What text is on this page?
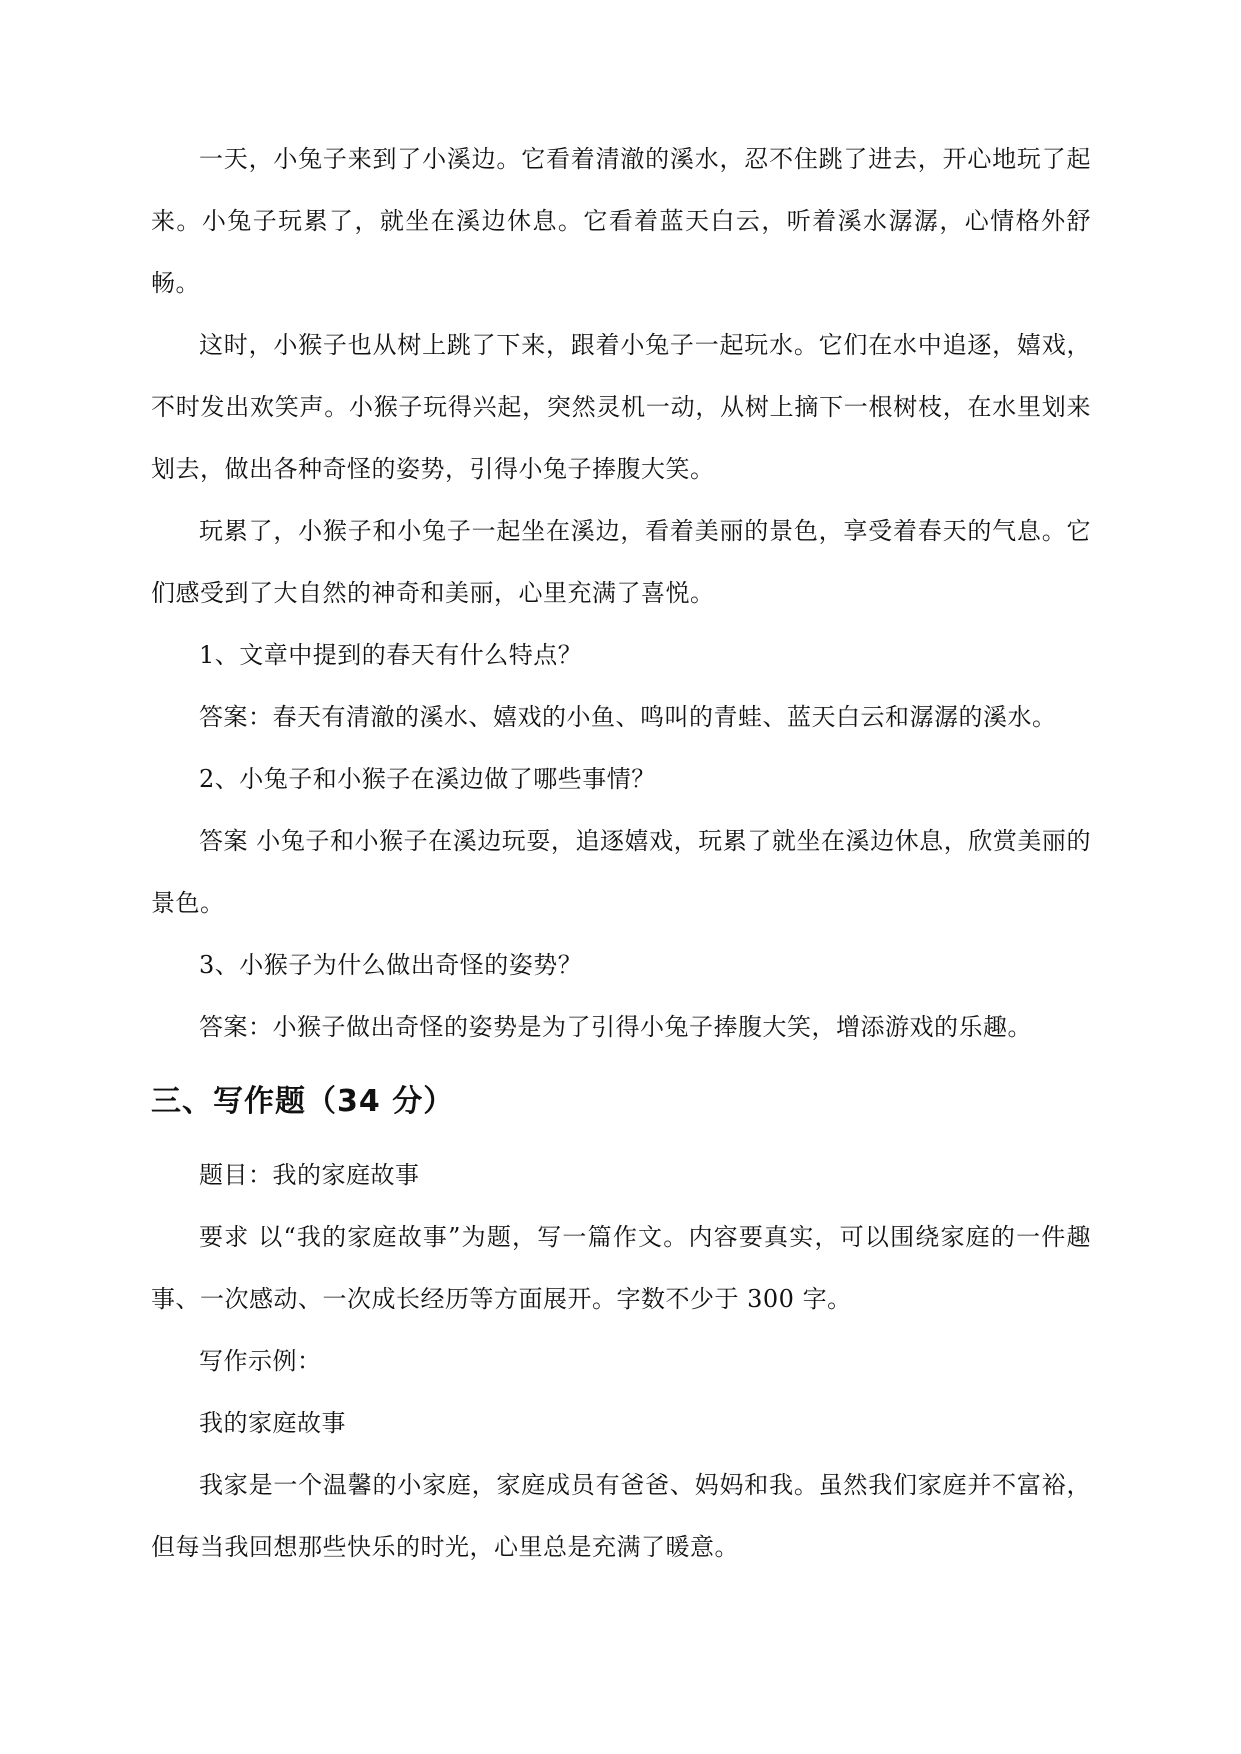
一天，小兔子来到了小溪边。它看着清澈的溪水，忍不住跳了进去，开心地玩了起来。小兔子玩累了，就坐在溪边休息。它看着蓝天白云，听着溪水潺潺，心情格外舒畅。

这时，小猴子也从树上跳了下来，跟着小兔子一起玩水。它们在水中追逐，嬉戏，不时发出欢笑声。小猴子玩得兴起，突然灵机一动，从树上摘下一根树枝，在水里划来划去，做出各种奇怪的姿势，引得小兔子捧腹大笑。

玩累了，小猴子和小兔子一起坐在溪边，看着美丽的景色，享受着春天的气息。它们感受到了大自然的神奇和美丽，心里充满了喜悦。

1、文章中提到的春天有什么特点？

答案：春天有清澈的溪水、嬉戏的小鱼、鸣叫的青蛙、蓝天白云和潺潺的溪水。

2、小兔子和小猴子在溪边做了哪些事情？

答案 小兔子和小猴子在溪边玩耍，追逐嬉戏，玩累了就坐在溪边休息，欣赏美丽的景色。

3、小猴子为什么做出奇怪的姿势？

答案：小猴子做出奇怪的姿势是为了引得小兔子捧腹大笑，增添游戏的乐趣。

三、写作题（34 分）

题目：我的家庭故事

要求 以“我的家庭故事”为题，写一篇作文。内容要真实，可以围绕家庭的一件趣事、一次感动、一次成长经历等方面展开。字数不少于 300 字。

写作示例：

我的家庭故事

我家是一个温馨的小家庭，家庭成员有爸爸、妈妈和我。虽然我们家庭并不富裕，但每当我回想那些快乐的时光，心里总是充满了暖意。
